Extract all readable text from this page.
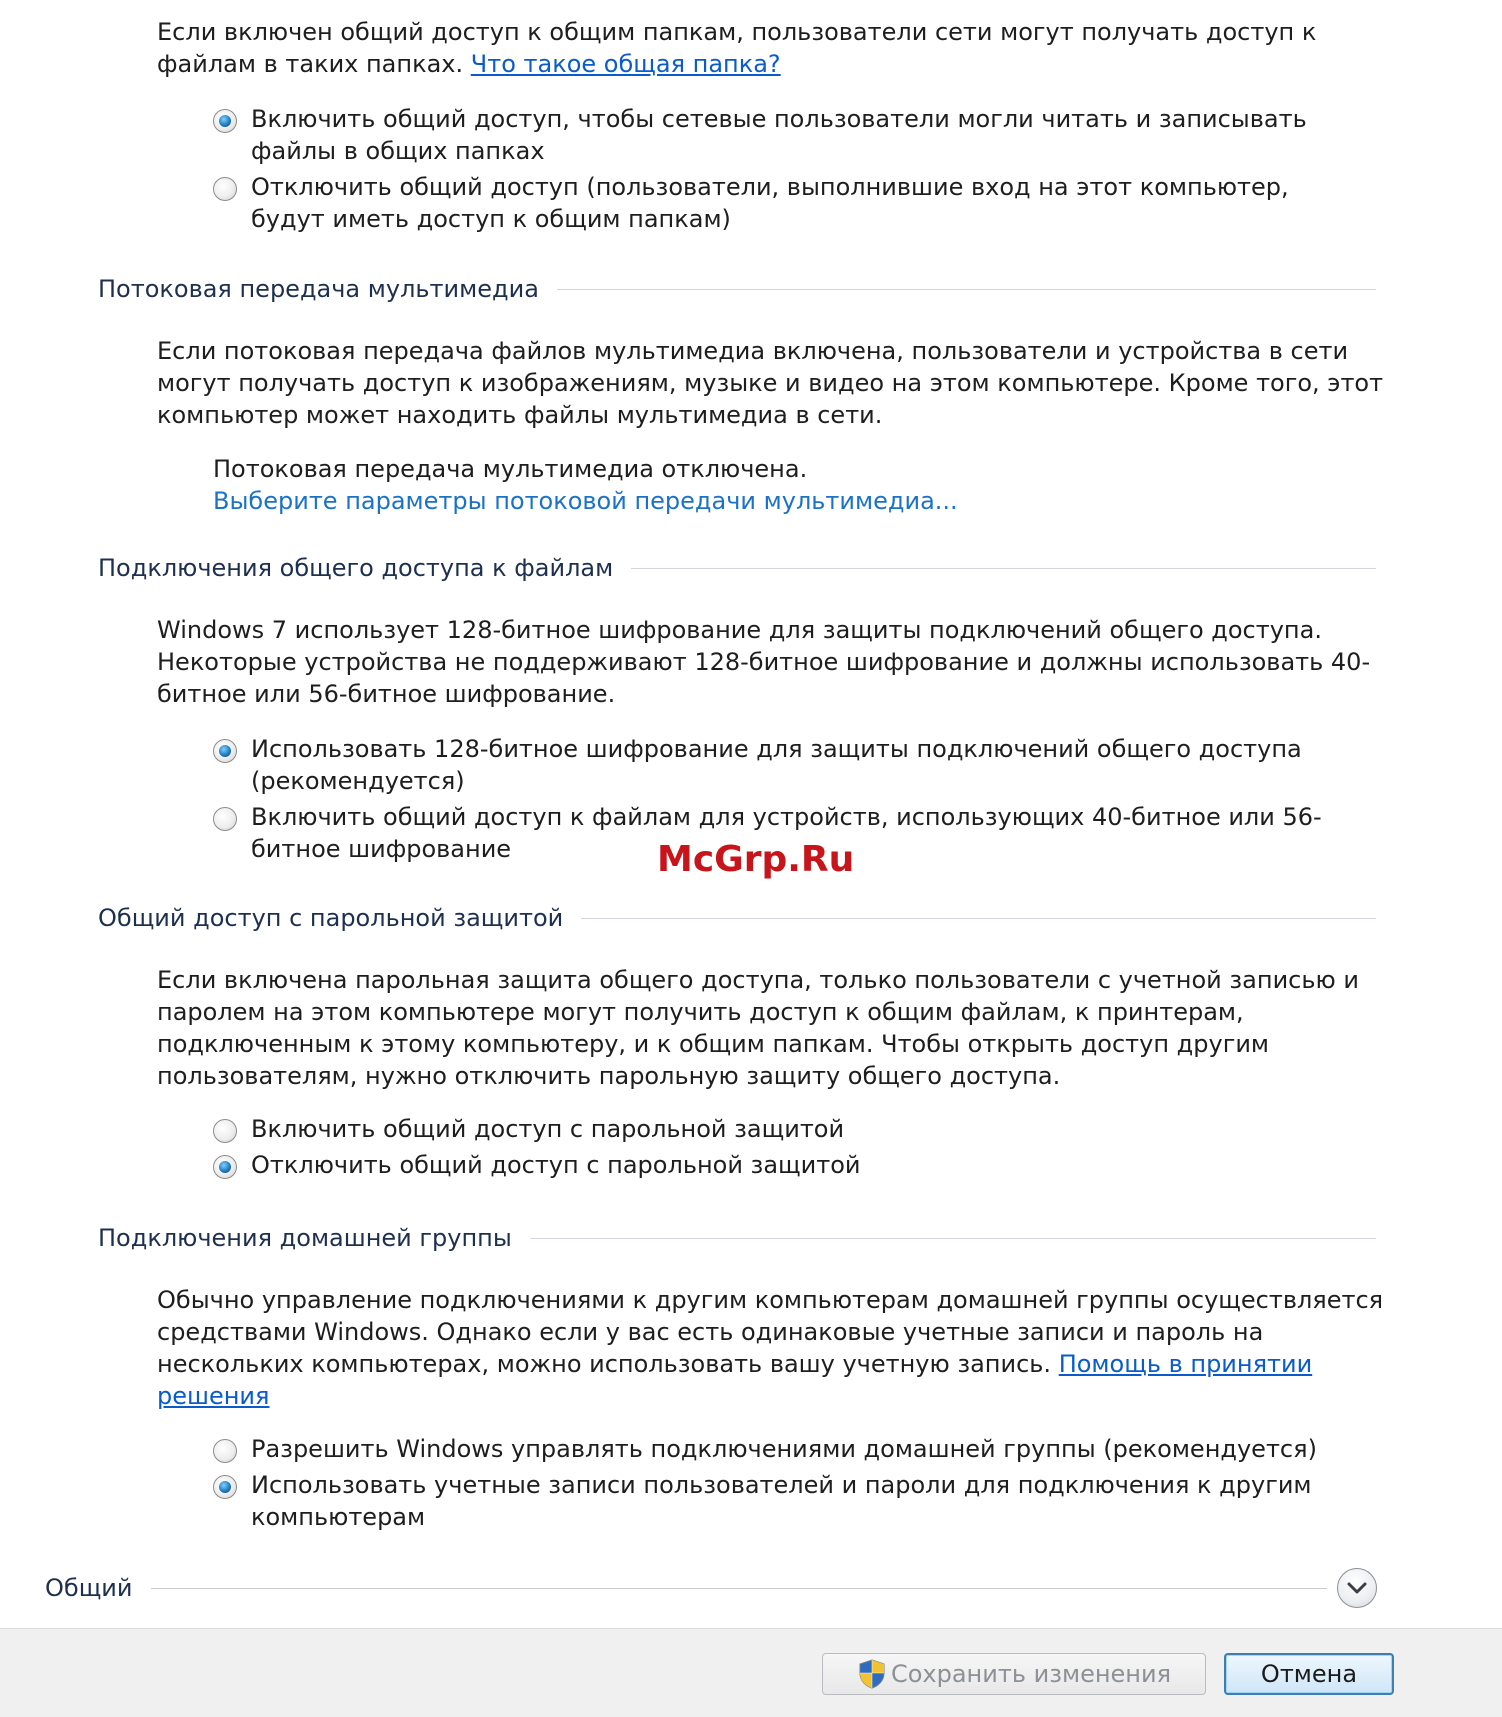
Если включен общий доступ к общим папкам, пользователи сети могут получать доступ к файлам в таких папках. Что такое общая папка?

Включить общий доступ, чтобы сетевые пользователи могли читать и записывать файлы в общих папках
Отключить общий доступ (пользователи, выполнившие вход на этот компьютер, будут иметь доступ к общим папкам)
Потоковая передача мультимедиа

Если потоковая передача файлов мультимедиа включена, пользователи и устройства в сети могут получать доступ к изображениям, музыке и видео на этом компьютере. Кроме того, этот компьютер может находить файлы мультимедиа в сети.

Потоковая передача мультимедиа отключена.
Выберите параметры потоковой передачи мультимедиа...
Подключения общего доступа к файлам

Windows 7 использует 128-битное шифрование для защиты подключений общего доступа. Некоторые устройства не поддерживают 128-битное шифрование и должны использовать 40-битное или 56-битное шифрование.

Использовать 128-битное шифрование для защиты подключений общего доступа (рекомендуется)
Включить общий доступ к файлам для устройств, использующих 40-битное или 56-битное шифрование	McGrp.Ru
Общий доступ с парольной защитой

Если включена парольная защита общего доступа, только пользователи с учетной записью и паролем на этом компьютере могут получить доступ к общим файлам, к принтерам, подключенным к этому компьютеру, и к общим папкам. Чтобы открыть доступ другим пользователям, нужно отключить парольную защиту общего доступа.

Включить общий доступ с парольной защитой
Отключить общий доступ с парольной защитой
Подключения домашней группы

Обычно управление подключениями к другим компьютерам домашней группы осуществляется средствами Windows. Однако если у вас есть одинаковые учетные записи и пароль на нескольких компьютерах, можно использовать вашу учетную запись. Помощь в принятии решения

Разрешить Windows управлять подключениями домашней группы (рекомендуется)
Использовать учетные записи пользователей и пароли для подключения к другим компьютерам
Общий
Сохранить изменения	Отмена
